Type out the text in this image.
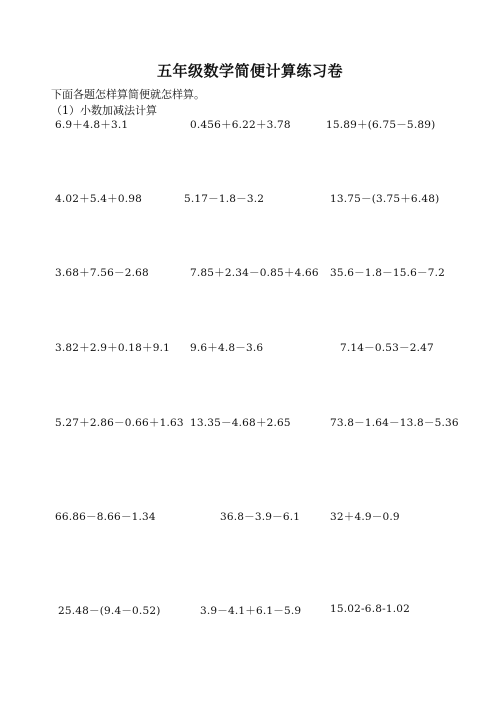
五年级数学简便计算练习卷
下面各题怎样算简便就怎样算。
（1）小数加减法计算
6.9＋4.8＋3.1	0.456＋6.22＋3.78	15.89＋(6.75－5.89)
4.02＋5.4＋0.98	5.17－1.8－3.2	13.75－(3.75＋6.48)
3.68＋7.56－2.68	7.85＋2.34－0.85＋4.66 35.6－1.8－15.6－7.2
3.82＋2.9＋0.18＋9.1 9.6＋4.8－3.6	7.14－0.53－2.47
5.27＋2.86－0.66＋1.63 13.35－4.68＋2.65	73.8－1.64－13.8－5.36
66.86－8.66－1.34	36.8－3.9－6.1	32＋4.9－0.9
25.48－(9.4－0.52)	3.9－4.1＋6.1－5.9	15.02-6.8-1.02
